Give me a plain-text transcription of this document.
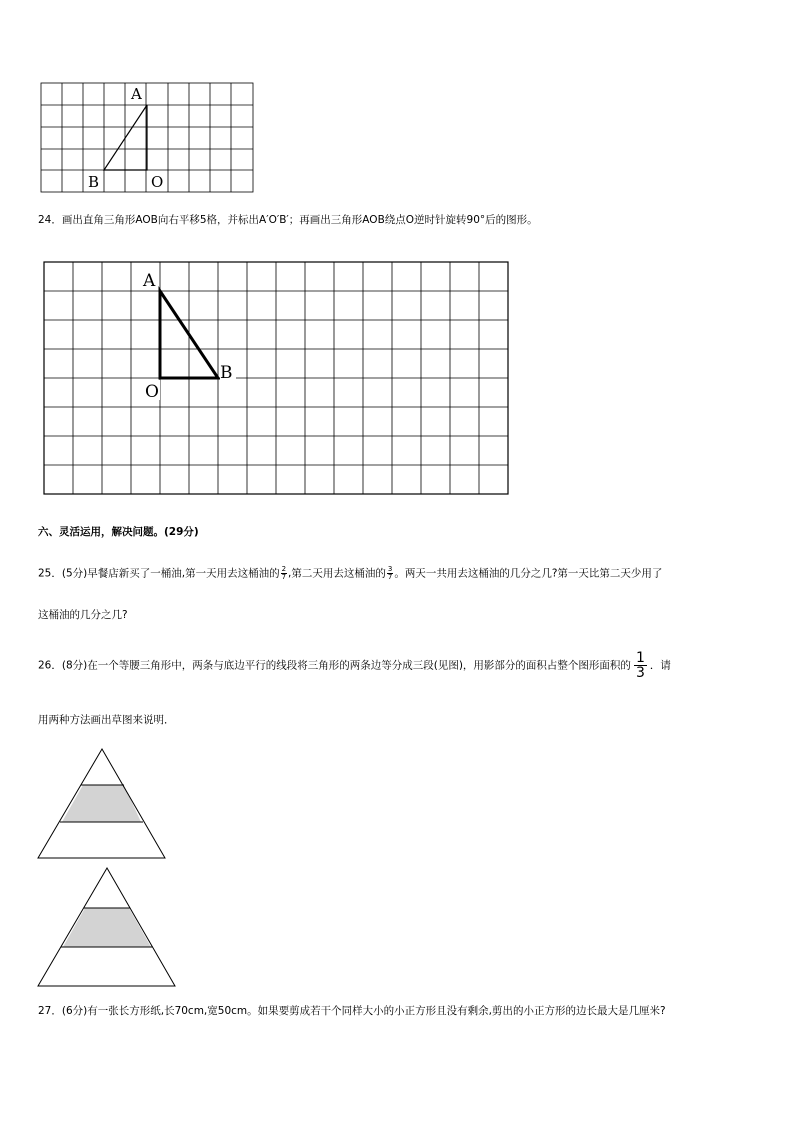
A
B	O
24．画出直角三角形AOB向右平移5格，并标出A′O′B′；再画出三角形AOB绕点O逆时针旋转90°后的图形。
A
B
O
六、灵活运用，解决问题。(29分)
25．(5分)早餐店新买了一桶油,第一天用去这桶油的 $\frac{2}{7}$ ,第二天用去这桶油的 $\frac{3}{7}$ 。两天一共用去这桶油的几分之几?第一天比第二天少用了
这桶油的几分之几?
26．(8分)在一个等腰三角形中，两条与底边平行的线段将三角形的两条边等分成三段(见图)，用影部分的面积占整个图形面积的 $\frac{1}{3}$ ．请
用两种方法画出草图来说明．
27．(6分)有一张长方形纸,长70cm,宽50cm。如果要剪成若干个同样大小的小正方形且没有剩余,剪出的小正方形的边长最大是几厘米?
